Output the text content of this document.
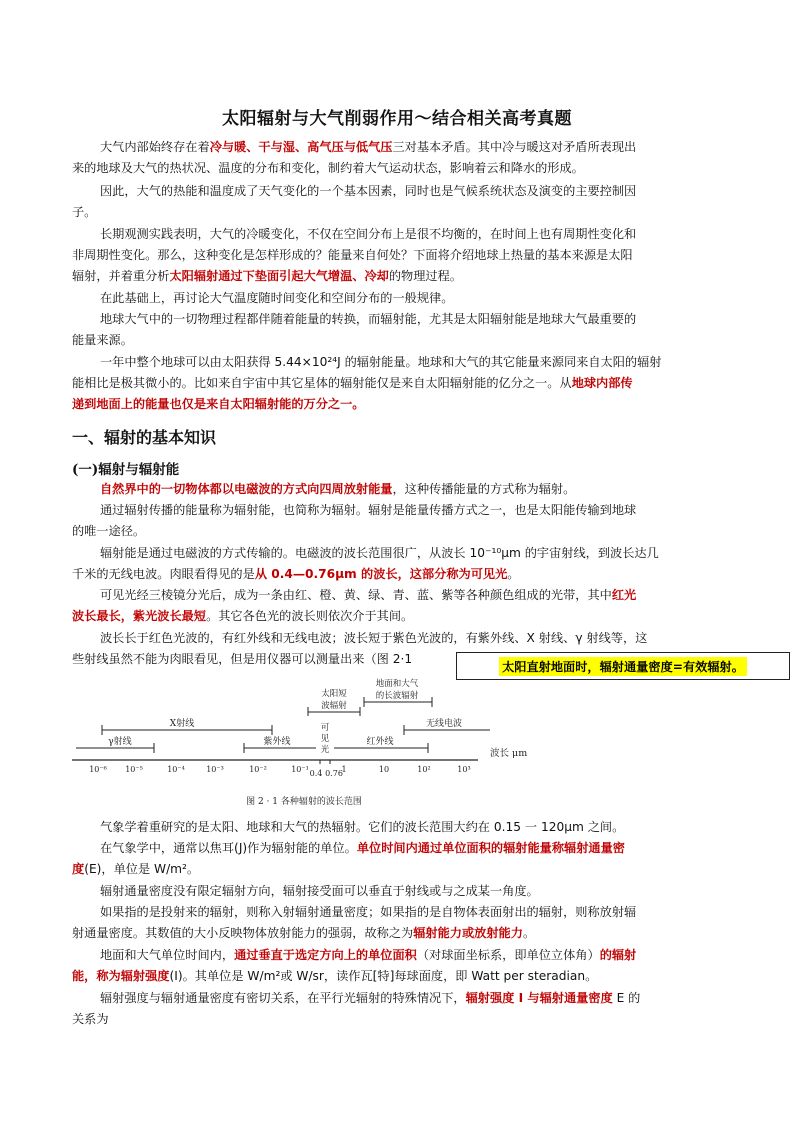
太阳辐射与大气削弱作用～结合相关高考真题
大气内部始终存在着冷与暖、干与湿、高气压与低气压三对基本矛盾。其中冷与暖这对矛盾所表现出
来的地球及大气的热状况、温度的分布和变化，制约着大气运动状态，影响着云和降水的形成。
因此，大气的热能和温度成了天气变化的一个基本因素，同时也是气候系统状态及演变的主要控制因
子。
长期观测实践表明，大气的冷暖变化，不仅在空间分布上是很不均衡的，在时间上也有周期性变化和
非周期性变化。那么，这种变化是怎样形成的？能量来自何处？下面将介绍地球上热量的基本来源是太阳
辐射，并着重分析太阳辐射通过下垫面引起大气增温、冷却的物理过程。
在此基础上，再讨论大气温度随时间变化和空间分布的一般规律。
地球大气中的一切物理过程都伴随着能量的转换，而辐射能，尤其是太阳辐射能是地球大气最重要的
能量来源。
一年中整个地球可以由太阳获得 5.44×10²⁴J 的辐射能量。地球和大气的其它能量来源同来自太阳的辐射
能相比是极其微小的。比如来自宇宙中其它星体的辐射能仅是来自太阳辐射能的亿分之一。从地球内部传
递到地面上的能量也仅是来自太阳辐射能的万分之一。
一、辐射的基本知识
(一)辐射与辐射能
自然界中的一切物体都以电磁波的方式向四周放射能量，这种传播能量的方式称为辐射。
通过辐射传播的能量称为辐射能，也简称为辐射。辐射是能量传播方式之一，也是太阳能传输到地球
的唯一途径。
辐射能是通过电磁波的方式传输的。电磁波的波长范围很广，从波长 10⁻¹⁰μm 的宇宙射线，到波长达几
千米的无线电波。肉眼看得见的是从 0.4—0.76μm 的波长，这部分称为可见光。
可见光经三棱镜分光后，成为一条由红、橙、黄、绿、青、蓝、紫等各种颜色组成的光带，其中红光
波长最长，紫光波长最短。其它各色光的波长则依次介于其间。
波长长于红色光波的，有红外线和无线电波；波长短于紫色光波的，有紫外线、X 射线、γ 射线等，这
些射线虽然不能为肉眼看见，但是用仪器可以测量出来（图 2·1
太阳直射地面时，辐射通量密度=有效辐射。
太阳短
波辐射
地面和大气
的长波辐射
X射线	无线电波
γ射线	紫外线
可
见
光
红外线
波长 μm
10⁻⁶ 10⁻⁵	10⁻⁴	10⁻³	10⁻²	10⁻¹ 0.4 0.76
1	10	10²	10³
图 2 · 1 各种辐射的波长范围
气象学着重研究的是太阳、地球和大气的热辐射。它们的波长范围大约在 0.15 一 120μm 之间。
在气象学中，通常以焦耳(J)作为辐射能的单位。单位时间内通过单位面积的辐射能量称辐射通量密
度(E)，单位是 W/m²。
辐射通量密度没有限定辐射方向，辐射接受面可以垂直于射线或与之成某一角度。
如果指的是投射来的辐射，则称入射辐射通量密度；如果指的是自物体表面射出的辐射，则称放射辐
射通量密度。其数值的大小反映物体放射能力的强弱，故称之为辐射能力或放射能力。
地面和大气单位时间内，通过垂直于选定方向上的单位面积（对球面坐标系，即单位立体角）的辐射
能，称为辐射强度(I)。其单位是 W/m²或 W/sr，读作瓦[特]每球面度，即 Watt per steradian。
辐射强度与辐射通量密度有密切关系，在平行光辐射的特殊情况下，辐射强度 I 与辐射通量密度 E 的
关系为
